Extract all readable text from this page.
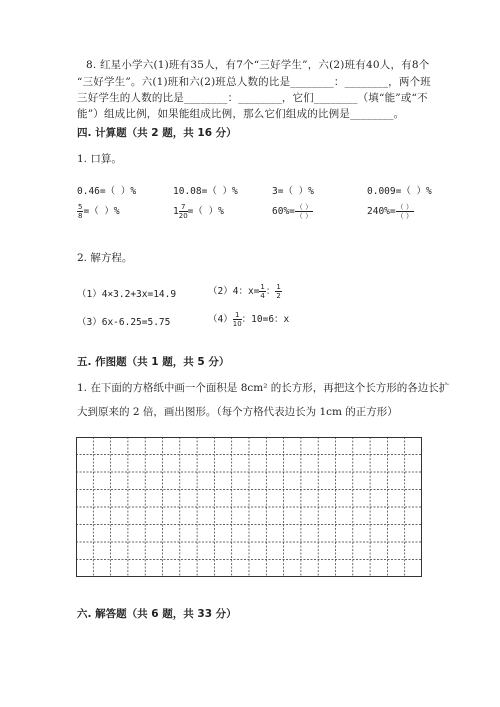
8. 红星小学六(1)班有35人，有7个“三好学生”，六(2)班有40人，有8个
“三好学生”。六(1)班和六(2)班总人数的比是________：________，两个班
三好学生的人数的比是________：________，它们________（填“能”或“不
能”）组成比例，如果能组成比例，那么它们组成的比例是________。
四. 计算题（共 2 题，共 16 分）
1. 口算。
0.46=（ ）%	10.08=（ ）%	3=（ ）%	0.009=（ ）%
$\frac{5}{8}$ =（ ）%	$1 \frac{7}{20}$ =（ ）%	$60\%= \frac{( )}{( )}$	$240\%= \frac{( )}{( )}$
2. 解方程。
（1）4×3.2+3x=14.9	（2）4：$x= \frac{1}{4}$ ： $\frac{1}{2}$
（3）6x-6.25=5.75	$(4) \frac{1}{10}$ ：10=6：x
五. 作图题（共 1 题，共 5 分）
1. 在下面的方格纸中画一个面积是 8cm² 的长方形，再把这个长方形的各边长扩
大到原来的 2 倍，画出图形。（每个方格代表边长为 1cm 的正方形）
六. 解答题（共 6 题，共 33 分）
